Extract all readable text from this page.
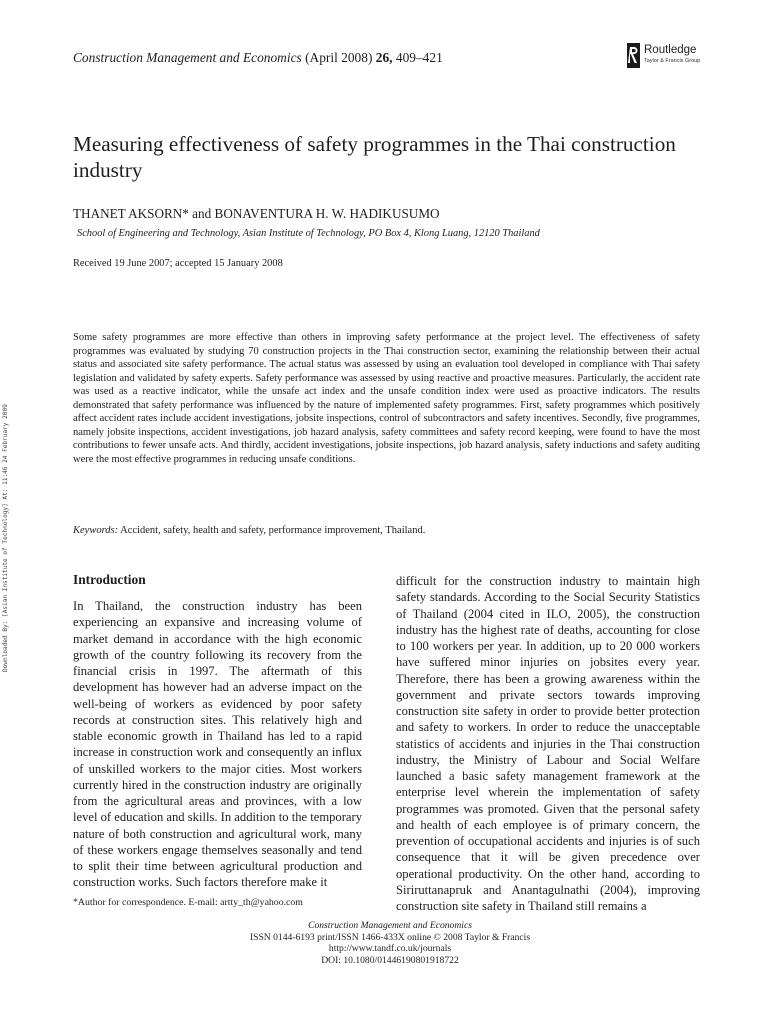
Construction Management and Economics (April 2008) 26, 409–421	Routledge
Taylor & Francis Group
Measuring effectiveness of safety programmes in the Thai construction industry
THANET AKSORN* and BONAVENTURA H. W. HADIKUSUMO
School of Engineering and Technology, Asian Institute of Technology, PO Box 4, Klong Luang, 12120 Thailand
Received 19 June 2007; accepted 15 January 2008

Some safety programmes are more effective than others in improving safety performance at the project level. The effectiveness of safety programmes was evaluated by studying 70 construction projects in the Thai construction sector, examining the relationship between their actual status and associated site safety performance. The actual status was assessed by using an evaluation tool developed in compliance with Thai safety legislation and validated by safety experts. Safety performance was assessed by using reactive and proactive measures. Particularly, the accident rate was used as a reactive indicator, while the unsafe act index and the unsafe condition index were used as proactive indicators. The results demonstrated that safety performance was influenced by the nature of implemented safety programmes. First, safety programmes which positively affect accident rates include accident investigations, jobsite inspections, control of subcontractors and safety incentives. Secondly, five programmes, namely jobsite inspections, accident investigations, job hazard analysis, safety committees and safety record keeping, were found to have the most contributions to fewer unsafe acts. And thirdly, accident investigations, jobsite inspections, job hazard analysis, safety inductions and safety auditing were the most effective programmes in reducing unsafe conditions.

Keywords: Accident, safety, health and safety, performance improvement, Thailand.
Downloaded By: [Asian Institute of Technology] At: 11:46 24 February 2009	Introduction

In Thailand, the construction industry has been experiencing an expansive and increasing volume of market demand in accordance with the high economic growth of the country following its recovery from the financial crisis in 1997. The aftermath of this development has however had an adverse impact on the well-being of workers as evidenced by poor safety records at construction sites. This relatively high and stable economic growth in Thailand has led to a rapid increase in construction work and consequently an influx of unskilled workers to the major cities. Most workers currently hired in the construction industry are originally from the agricultural areas and provinces, with a low level of education and skills. In addition to the temporary nature of both construction and agricultural work, many of these workers engage themselves seasonally and tend to split their time between agricultural production and construction works. Such factors therefore make it

difficult for the construction industry to maintain high safety standards. According to the Social Security Statistics of Thailand (2004 cited in ILO, 2005), the construction industry has the highest rate of deaths, accounting for close to 100 workers per year. In addition, up to 20 000 workers have suffered minor injuries on jobsites every year. Therefore, there has been a growing awareness within the government and private sectors towards improving construction site safety in order to provide better protection and safety to workers. In order to reduce the unacceptable statistics of accidents and injuries in the Thai construction industry, the Ministry of Labour and Social Welfare launched a basic safety management framework at the enterprise level wherein the implementation of safety programmes was promoted. Given that the personal safety and health of each employee is of primary concern, the prevention of occupational accidents and injuries is of such consequence that it will be given precedence over operational productivity. On the other hand, according to Siriruttanapruk and Anantagulnathi (2004), improving construction site safety in Thailand still remains a

*Author for correspondence. E-mail: artty_th@yahoo.com
Construction Management and Economics
ISSN 0144-6193 print/ISSN 1466-433X online © 2008 Taylor & Francis
http://www.tandf.co.uk/journals
DOI: 10.1080/01446190801918722
